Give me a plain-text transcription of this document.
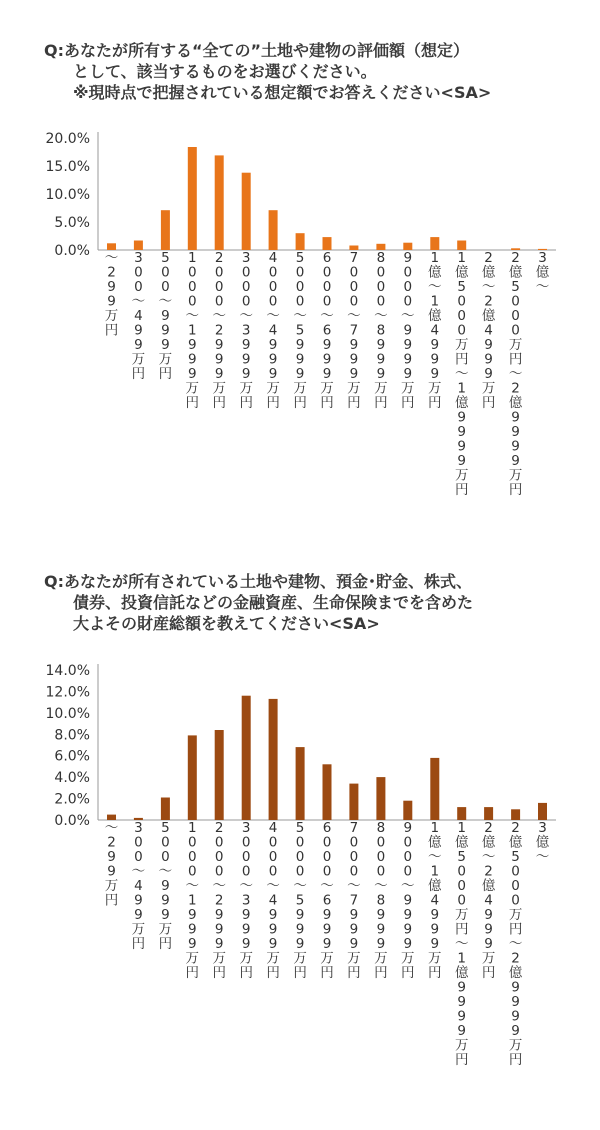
Q:あなたが所有する“全ての”土地や建物の評価額（想定）
として、該当するものをお選びください。
※現時点で把握されている想定額でお答えください<SA>
0.0%
5.0%
10.0%
15.0%
20.0%
〜 2 9 9 万円
3 0 0 〜 4 9 9 万円
5 0 0 〜 9 9 9 万円
1 0 0 0 〜 1 9 9 9 万円
2 0 0 0 〜 2 9 9 9 万円
3 0 0 0 〜 3 9 9 9 万円
4 0 0 0 〜 4 9 9 9 万円
5 0 0 0 〜 5 9 9 9 万円
6 0 0 0 〜 6 9 9 9 万円
7 0 0 0 〜 7 9 9 9 万円
8 0 0 0 〜 8 9 9 9 万円
9 0 0 0 〜 9 9 9 9 万円
1 億〜 1 億 4 9 9 9 万円
1 億 5 0 0 0 万円〜 1 億 9 9 9 9 万円
2 億〜 2 億 4 9 9 9 万円
2 億 5 0 0 0 万円〜 2 億 9 9 9 9 万円
3 億〜
Q:あなたが所有されている土地や建物、預金･貯金、株式、
債券、投資信託などの金融資産、生命保険までを含めた
大よその財産総額を教えてください<SA>
0.0%
2.0%
4.0%
6.0%
8.0%
10.0%
12.0%
14.0%
〜 2 9 9 万円
3 0 0 〜 4 9 9 万円
5 0 0 〜 9 9 9 万円
1 0 0 0 〜 1 9 9 9 万円
2 0 0 0 〜 2 9 9 9 万円
3 0 0 0 〜 3 9 9 9 万円
4 0 0 0 〜 4 9 9 9 万円
5 0 0 0 〜 5 9 9 9 万円
6 0 0 0 〜 6 9 9 9 万円
7 0 0 0 〜 7 9 9 9 万円
8 0 0 0 〜 8 9 9 9 万円
9 0 0 0 〜 9 9 9 9 万円
1 億〜 1 億 4 9 9 9 万円
1 億 5 0 0 0 万円〜 1 億 9 9 9 9 万円
2 億〜 2 億 4 9 9 9 万円
2 億 5 0 0 0 万円〜 2 億 9 9 9 9 万円
3 億〜
